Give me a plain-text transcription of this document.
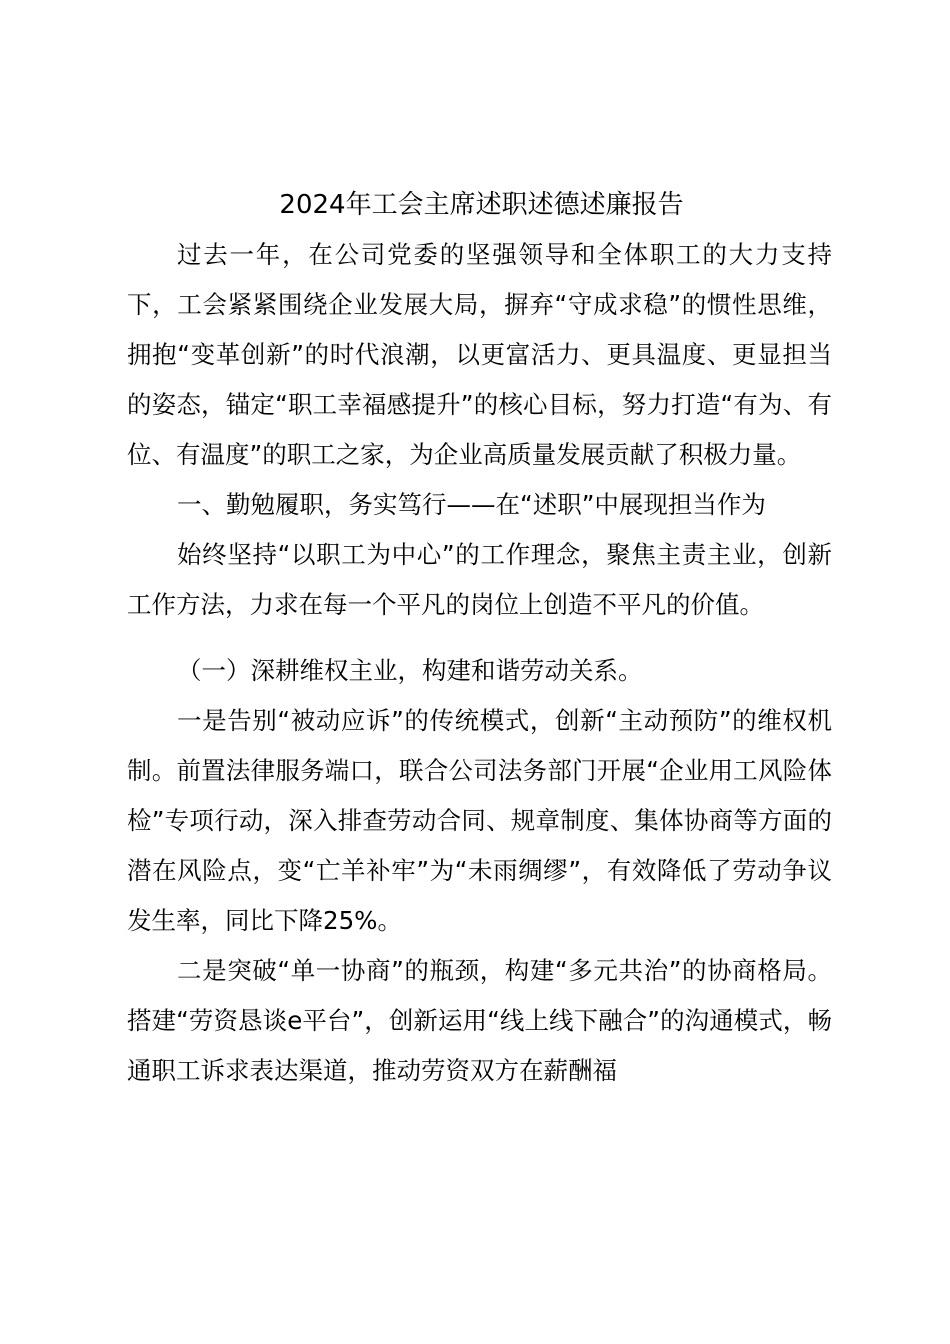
2024年工会主席述职述德述廉报告

过去一年，在公司党委的坚强领导和全体职工的大力支持下，工会紧紧围绕企业发展大局，摒弃“守成求稳”的惯性思维，拥抱“变革创新”的时代浪潮，以更富活力、更具温度、更显担当的姿态，锚定“职工幸福感提升”的核心目标，努力打造“有为、有位、有温度”的职工之家，为企业高质量发展贡献了积极力量。

一、勤勉履职，务实笃行——在“述职”中展现担当作为

始终坚持“以职工为中心”的工作理念，聚焦主责主业，创新工作方法，力求在每一个平凡的岗位上创造不平凡的价值。

（一）深耕维权主业，构建和谐劳动关系。

一是告别“被动应诉”的传统模式，创新“主动预防”的维权机制。前置法律服务端口，联合公司法务部门开展“企业用工风险体检”专项行动，深入排查劳动合同、规章制度、集体协商等方面的潜在风险点，变“亡羊补牢”为“未雨绸缪”，有效降低了劳动争议发生率，同比下降25%。

二是突破“单一协商”的瓶颈，构建“多元共治”的协商格局。搭建“劳资恳谈e平台”，创新运用“线上线下融合”的沟通模式，畅通职工诉求表达渠道，推动劳资双方在薪酬福
